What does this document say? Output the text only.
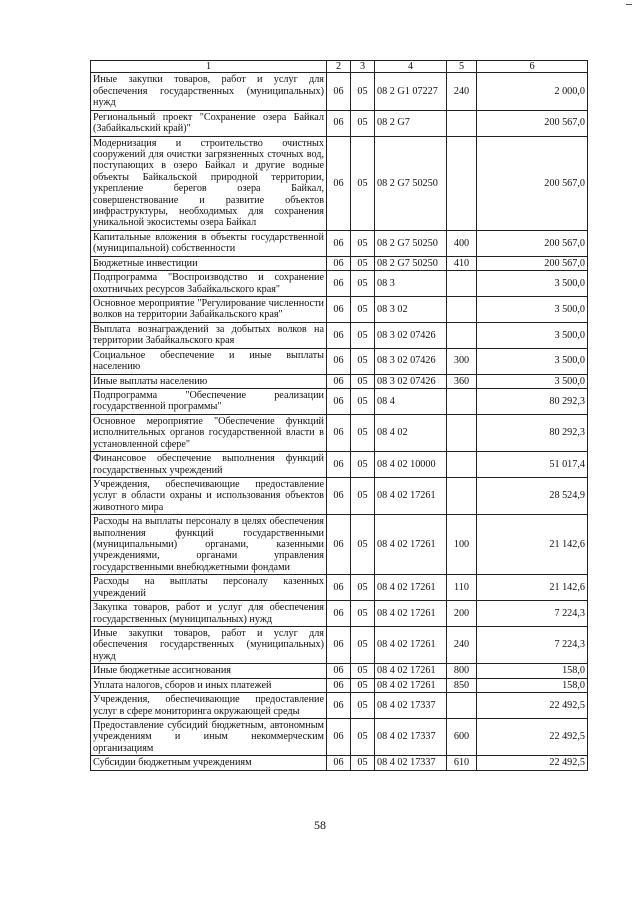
1	2	3	4	5	6
Иные закупки товаров, работ и услуг для обеспечения государственных (муниципальных) нужд	06	05	08 2 G1 07227	240	2 000,0
Региональный проект "Сохранение озера Байкал (Забайкальский край)"	06	05	08 2 G7		200 567,0
Модернизация и строительство очистных сооружений для очистки загрязненных сточных вод, поступающих в озеро Байкал и другие водные объекты Байкальской природной территории, укрепление берегов озера Байкал, совершенствование и развитие объектов инфраструктуры, необходимых для сохранения уникальной экосистемы озера Байкал	06	05	08 2 G7 50250		200 567,0
Капитальные вложения в объекты государственной (муниципальной) собственности	06	05	08 2 G7 50250	400	200 567,0
Бюджетные инвестиции	06	05	08 2 G7 50250	410	200 567,0
Подпрограмма "Воспроизводство и сохранение охотничьих ресурсов Забайкальского края"	06	05	08 3		3 500,0
Основное мероприятие "Регулирование численности волков на территории Забайкальского края"	06	05	08 3 02		3 500,0
Выплата вознаграждений за добытых волков на территории Забайкальского края	06	05	08 3 02 07426		3 500,0
Социальное обеспечение и иные выплаты населению	06	05	08 3 02 07426	300	3 500,0
Иные выплаты населению	06	05	08 3 02 07426	360	3 500,0
Подпрограмма "Обеспечение реализации государственной программы"	06	05	08 4		80 292,3
Основное мероприятие "Обеспечение функций исполнительных органов государственной власти в установленной сфере"	06	05	08 4 02		80 292,3
Финансовое обеспечение выполнения функций государственных учреждений	06	05	08 4 02 10000		51 017,4
Учреждения, обеспечивающие предоставление услуг в области охраны и использования объектов животного мира	06	05	08 4 02 17261		28 524,9
Расходы на выплаты персоналу в целях обеспечения выполнения функций государственными (муниципальными) органами, казенными учреждениями, органами управления государственными внебюджетными фондами	06	05	08 4 02 17261	100	21 142,6
Расходы на выплаты персоналу казенных учреждений	06	05	08 4 02 17261	110	21 142,6
Закупка товаров, работ и услуг для обеспечения государственных (муниципальных) нужд	06	05	08 4 02 17261	200	7 224,3
Иные закупки товаров, работ и услуг для обеспечения государственных (муниципальных) нужд	06	05	08 4 02 17261	240	7 224,3
Иные бюджетные ассигнования	06	05	08 4 02 17261	800	158,0
Уплата налогов, сборов и иных платежей	06	05	08 4 02 17261	850	158,0
Учреждения, обеспечивающие предоставление услуг в сфере мониторинга окружающей среды	06	05	08 4 02 17337		22 492,5
Предоставление субсидий бюджетным, автономным учреждениям и иным некоммерческим организациям	06	05	08 4 02 17337	600	22 492,5
Субсидии бюджетным учреждениям	06	05	08 4 02 17337	610	22 492,5
58
